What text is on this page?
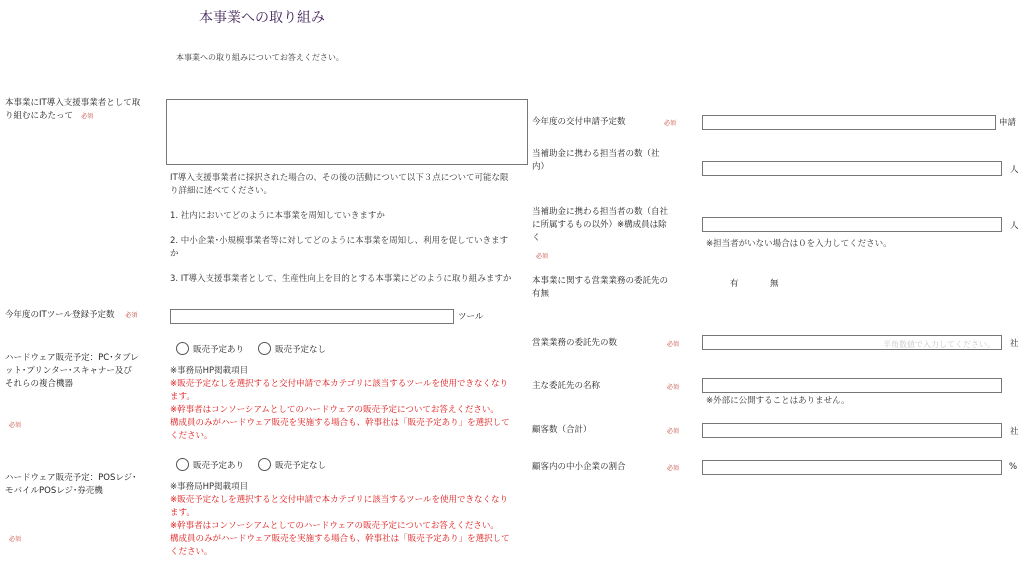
本事業への取り組み
本事業への取り組みについてお答えください。
本事業にIT導入支援事業者として取
り組むにあたって 必須
IT導入支援事業者に採択された場合の、その後の活動について以下３点について可能な限
り詳細に述べてください。
1. 社内においてどのように本事業を周知していきますか
2. 中小企業･小規模事業者等に対してどのように本事業を周知し、利用を促していきます
か
3. IT導入支援事業者として、生産性向上を目的とする本事業にどのように取り組みますか
今年度のITツール登録予定数 必須	ツール
ハードウェア販売予定：PC･タブレ
ット･プリンター･スキャナー及び
それらの複合機器
必須
販売予定あり	販売予定なし
※事務局HP掲載項目
※販売予定なしを選択すると交付申請で本カテゴリに該当するツールを使用できなくなり
ます。
※幹事者はコンソーシアムとしてのハードウェアの販売予定についてお答えください。
構成員のみがハードウェア販売を実施する場合も、幹事社は「販売予定あり」を選択して
ください。
ハードウェア販売予定：POSレジ･
モバイルPOSレジ･券売機
必須
販売予定あり	販売予定なし
※事務局HP掲載項目
※販売予定なしを選択すると交付申請で本カテゴリに該当するツールを使用できなくなり
ます。
※幹事者はコンソーシアムとしてのハードウェアの販売予定についてお答えください。
構成員のみがハードウェア販売を実施する場合も、幹事社は「販売予定あり」を選択して
ください。
今年度の交付申請予定数	必須	申請
当補助金に携わる担当者の数（社
内）	人
当補助金に携わる担当者の数（自社
に所属するもの以外）※構成員は除
く
必須
人
※担当者がいない場合は０を入力してください。
本事業に関する営業業務の委託先の
有無
有	無
営業業務の委託先の数	必須	半角数値で入力してください。 社
主な委託先の名称	必須
※外部に公開することはありません。
顧客数（合計）	必須	社
顧客内の中小企業の割合	必須	%
